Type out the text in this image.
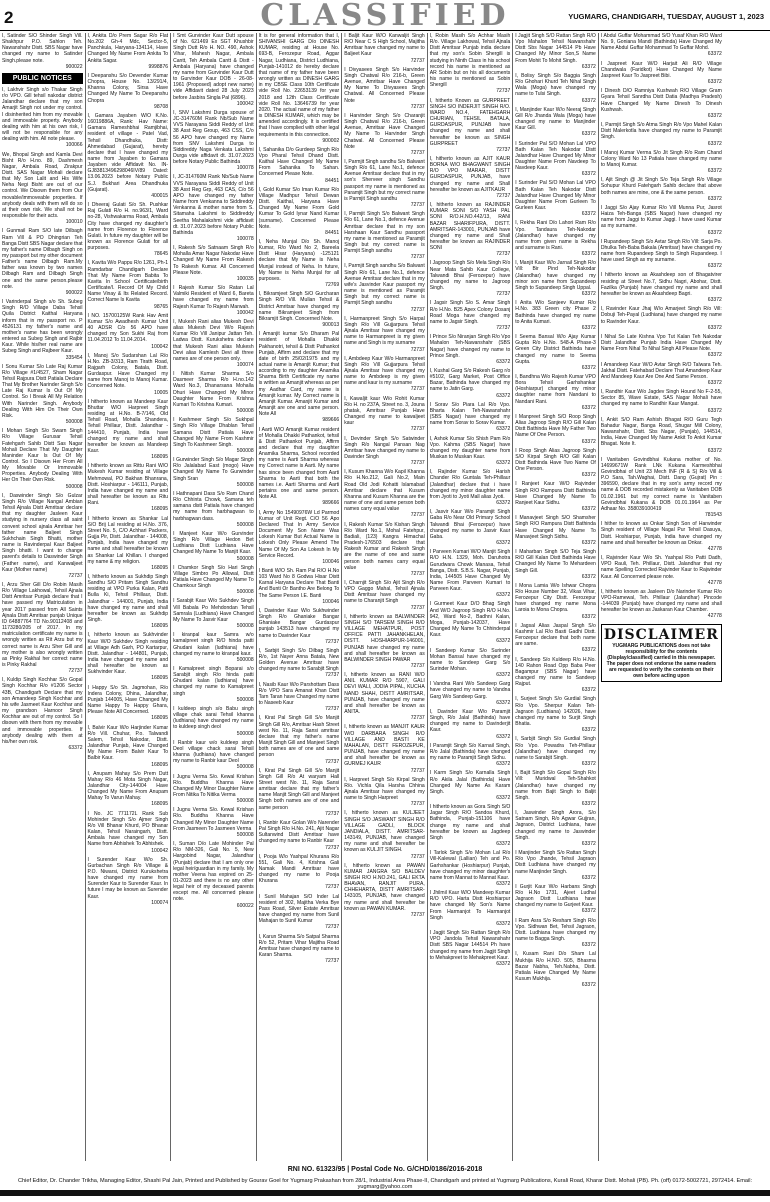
2	CLASSIFIED	YUGMARG, CHANDIGARH, TUESDAY, AUGUST 1, 2023
I, Satinder S/O Shinder Singh Vill. Shakhpur P.O. Sahlon Teh. Nawanshahr Distt. SBS Nagar have changed my name to Satinder Singh.please note.
900022
PUBLIC NOTICES
I, Lakhvir Singh s/o Thakar Singh r/o VPO. Gill tehsil nakodar district Jalandhar declare that my son Amarjit Singh not under my control. I disinherited him from my movable and immovable property. Anybody dealing with him at his own risk, I will not be responsible for any dealing with him. All note please.
100066
We, Bhopal Singh and Kamla Devi Bisht R/o H.no. 89, Dashmesh Nagar, Ambala Road, Zirakpur Distt. SAS Nagar Mohali declare that My Son Lalit and His Wife Neha Negi Bisht are out of our control. We Disown them from Our movable/immoveable properties. If anybody deals with them will do so at their own risk. We shall not be responsible for their acts.
100010
I Gunmail Ram S/O late Dilbagh Ram Vill & PO Dhingrian Teh Banga Distt SBS Nagar declare that my father's name Dilbagh Singh on my passport but my other document Father's name Dilbagh Ram.My father was known by two names Dilbagh Ram and Dilbagh Singh one and the same person.please note.
900022
I Varinderpal Singh s/o Sh. Subeg Singh R/O Village Daba Tehsil Quila District Kaithal Haryana inform that in my passport no. P 4526131 my father's name and mother's name has been wrongly entered as Subeg Singh and Rajbir Kaur. While his/her real name are Subeg Singh and Rajbeer Kaur.
335454
I Sonu Kumar S/o Late Raj Kumar R/o Village #1/4527, Sham Nagar Tehsil Rajpura Distt Patiala Declare That My Brother Narinder Singh S/o Late Raj Kumar Is Out Of My Control. So I Break All My Relation With Narinder Singh. Anybody Dealing With Him On Their Own Risk.
500008
I Mohan Singh S/o Swarn Singh R/o Village Gurusar Tehsil Fatehgarh Sahib Distt Sas Nagar Mohali Declare That My Daughter Maninder Kaur Is Out Of My Control. So I Disown Her From All My Movable Or Immovable Properties. Anybody Dealing With Her On Their Own Risk.
500008
I, Daswinder Singh S/o Gulzar Singh R/o Village Nangal Ambian Tehsil Ajnala Distt Amritsar declare that my daughter Jasleen Kaur studying in nursery class all saint convent school ajnala Amritsar her father name Baljeet Singh Sukhchain Singh Bhatti, mother name is Ravinderpal Kaur Baljeet Singh bhatti. I want to change parent's details to Daswinder Singh (Father name), and Kanwaljeet Kaur (Mother name)
72737
I, Arzu Sher Gill D/o Robin Masih R/o Village Lakhowal, Tehsil Ajnala Distt Amritsar Punjab declare that I have passed my Matriculation in year 2017 passed from All Saints Ajnala Distt Amritsar punjab Unique ID 64887764 TD No.90112408 and 1173280/205 of 2017. In my matriculation certificate my name is wrongly written as Rit Arzu but my correct name is Arzu Sher Gill and my mother is also wrongly written as Pinky Rakhal her correct name is Pinky Rakhal
72737
I, Kuldip Singh Kochhar S/o Gopal Singh Kochhar R/o #1206 Sector 43B, Chandigarh Declare that my son Amandeep Singh Kochhar and his wife Jasmeet Kaur Kochhar and my grandson Harnoor Singh Kochhar are out of my control. So I disown with them from my movable and immovable properties. If anybody dealing with them at his/her own risk.
63372
I, Ankita D/o Prem Sagar R/o Flat No.202 Gh-4 Mdc, Sector-5, Panchkula, Haryana-134114, Have Changed My Name From Ankita To Ankita Sagar.
9998876
I Deepanshu S/o Devender Kumar Chopra, House No. 13/291/4, Khanna Colony, Sirsa Have Changed My Name To Deepanshu Chopra
98708
I, Gamara Jayaben W/O K.No. 16019886A, Rank: Hav Name: Gamara Rameshbhai Ramjibhai, resident of village - Patel Vad, Tehsil Dhandhuka, Distt: Ahmedabad (Gujarat), hereby declare that I have changed my name from Jayaben to Gamara Jayaben vide Affidavit No. IN-GJ83813496298046IV/89 Dated: 13.06.2023 before Notary Public S.J. Bukhari Area Dhandhuka (Gujarat).
400015
I Dheeraj Gulati S/o Sh. Pushkar Raj Gulati R/o H. no.963/1, Ward no-28, Vishwakarma Road, Ambala City have changed my daughter's name from Florence to Florence Gulati. In future my daughter will be known as Florence Gulati for all purposes.
78645
I, Kavita W/o Pappu R/o 1261, Ph-1 Ramdarbar Chandigarh Declare That My Name From Babita To Kavita In School Certificate/birth Certificate/I. Record Of My Child Name Vinay & Its Related Record. Correct Name Is Kavita
98765
I NO. 15700125W Rank Hav Amit Kumar S/o Awadhesh Kumar Unit 40 ADSR C/o 56 APO have changed my Son Sukhi Raj from 11.04.2012 To 11.04.2014.
100042
I, Manoj S/o Sudarshan Lal R/o H.No. ZB-3/313, Ram Tirath Road, Rajgarh Colony, Batala, Distt. Gurdaspur. Have Changed my name from Manoj to Manoj Kumar. Concerned Note.
10005
I hitherto known as Mandeep Kaur Bhuttar W/O Harpreet Singh residing at H.No. B-7/146, Old Tehsil Road, Mohalla Shandera, Tehsil Phillaur, Distt. Jalandhar - 144410, Punjab, India have changed my name and shall hereafter be known as Mandeep Kaur.
168095
I hitherto known as Rittu Rani W/O Mukesh Kumar residing at Village Mehmowal, PO Bakhan Bhanrana, Distt. Hoshiarpur - 146111, Punjab, India have changed my name and shall hereafter be known as Ritu Rani.
168095
I hitherto known as Shankar Lal S/O Brij Lal residing at H.No. 376, Street No. 5, C/O Achhari Packers, Gujja Pir, Distt. Jalandhar - 144008, Punjab, India have changed my name and shall hereafter be known as Shankar Lal Khillan. I changed my name & my religion.
168095
I, hitherto known as Sukhdip Singh Sandhu S/O Pritam Singh Sandhu residing at VPO Purka Kalan, Patti Bulla Ki, Tehsil Phillaur, Distt. Jalandhar - 144001, Punjab, India have changed my name and shall hereafter be known as Sukhdip Singh.
168095
I, hitherto known as Sukhvinder Kaur W/O Sukhdev Singh residing at Village Adh Garh, PO Kartarpur, Distt. Jalandhar - 144801, Punjab, India have changed my name and shall hereafter be known as Sukhvinder Kaur.
168095
I Happy S/o Sh. Jagmohan, R/o Indera Colony, Dhina, Jalandhar, Punjab 144005, Have Changed My Name Happy To Happy Ghara, Please Note All Concerned.
168095
I, Balvir Kaur W/o Harjinder Kumar R/o Vill. Chuhar, P.o. Talwandi Salem, Tehsil Nakodar, Distt. Jalandhar Punjab, Have Changed My Name From Balvir Kaur To Balbir Kaur.
168095
I, Anupam Mahay S/o Prem Dutt Mahay R/o 46 Mota Singh Nagar, Jalandhar City-144004 Have Changed My Name From Anupam Mahay To Varun Mahay.
168095
I No. JC 771172L Rank Sub Mohinder Singh S/o Ajmer Singh R/o Vill Bhanar Khurd, PO Bhanar Kalan, Tehsil Naraingarh, Distt. Ambala have changed my Son Name from Abhishek To Abhishek.
100042
I Surender Kaur W/o Sh. Gurbachan Singh R/o Village & P.O. Niwarsi, District Kurukshetra have changed my name from Surender Kaur to Surender Kaur. In future I may be known as Surender Kaur.
100074
I Smt Gurvinder Kaur Dutt spouse of No. 621469 Ex SGT Khushbir Singh Dutt R/o H. NO. 490, Ashok Vihar, Mahesh Nagar, Ambala Cantt, Teh Ambala Cantt & Distt - Ambala (Haryana) have changed my name from Gurvinder Kaur Dutt to Gurvinder Kaur DOB - 26-08-1961 (Proposed) adopt new name) vide Affidavit dated 28 July 2023 before Jasbira Singla Pal (6896).
100042
I, SNV Lakshmi Durga spouse of JC-314760M Rank Nb/Sub Name VVS Narayana Siddi Reddy of Unit 38 Asst Reg Group, 463 CSS, C/o 56 APO have changed my Name from SNV Lakshmi Durga to Siddireddy Naga Venkata Lakshmi Durga vide affidavit dt. 31.07.2023 before Notary Public Bathinda
100078
I, JC-314760M Rank Nb/Sub Name VVS Narayana Siddi Reddy of Unit 38 Asst Reg Grp, 463 CAS, C/o 56 APO have changed my father Name from Venkanna to Siddireddy Venkanna & mother name from S. Sitamaha Lakshmi to Siddireddy Seetha Mahalakshmi vide affidavit dt. 31.07.2023 before Notary Public Bathinda
100078
I, Rakesh S/o Satnaam Singh R/o Mohalla Amar Nagar Nakodar Have Changed My Name From Rakesh To Rakesh Kumar. All Concerned Please Note.
100035
I Rajesh Kumar S/o Ratan Lal Valmiki Resident of Ward 6, Bareta have changed my name from Rajesh Kumar To Rajesh Marwah.
100042
I, Mukesh Rani alias Mukesh Devi alias Mukesh Devi W/o Rajesh Kumar R/o Vill Janipur Jattan Teh. Ladwa Distt. Kurukshetra declare that Mukesh Rani alias Mukesh Devi alias Kamlesh Devi all three names are of one person only.
100074
I Nitish Kumar Sharma S/o Dasmeer Sharma R/o H.no.142 Ward No.3, Dhanarsana Mohalla Dhuri Have Changed My Minor Daughter Name From Krishna Kumari To Krishna Kumari.
500008
I Kashmeer Singh S/o Sukhpal Singh R/o Village Dhablan Tehsil Samana Distt Patiala Have Changed My Name From Kashmir Singh To Kashmeer Singh.
500008
I Gurwinder Singh S/o Magar Singh R/o Jalalabad East (mogo) Have Changed My Name To Gurwinder Singh Sran
500008
I Hathnapani Dass S/o Ram Chand R/o Chhinta Chowk, Samana teh samana distt Patiala have changed my name from harbhagwan to harbhagwan dass.
500008
I Manjeet Kaur W/o Gurvinder Singh R/o Village Hedon Bet Ludhiana Distt Ludhiana Have Changed My Name To Manjit Kaur.
500008
I Chamkor Singh S/o Hari Singh Village Simbro Po Allowal, Distt Patiala Have Changed My Name To Chamkour Singh
500008
I Sarabjit Kaur W/o Sukhdev Singh Vill Babala Po Mehdondan Tehsil Samrala (Ludhiana) Have Changed My Name To Jasvir Kaur
500008
I kiranpal kaur Samra w/o kamalpreet singh R/O hinda patti Ghudani kalan (ludhiana) have changed my name to kiranpal kaur.
500008
I Kamalpreet singh Boparai s/o Sarabjit singh R/o hinda patti Ghudani kalan (ludhiana) have changed my name to Kamalpreet singh
500008
I kuldeep singh s/o Babu singh village chak sarai Tehsil khanna (ludhiana) have changed my name to kuldeep singh deol
500008
I Ranbir kaur w/o kuldeep singh Deol village chack sarai Tehsil khanna (ludhiana) have changed my name to Ranbir kaur Deol
500008
I Jugnu Verma S/o. Kewal Krishan R/o. Buddha Khanna Have Changed My Minor Daughter Name From Nitika To Nitika Verma
500008
I Jugnu Verma S/o. Kewal Krishan R/o. Buddha Khanna Have Changed My Minor Daughter Name From Jasmeen To Jasmeen Verma
500008
I, Suman D/o Late Mohinder Pal R/o NM-326, Gali No. 5, New Hargobind Nagar, Jalandhar (Punjab) declare that I am only one legal heir/guardian in my family. My mother Veena has expired on 25-01-2023 and there is no any other legal heir of my deceased parents except me. All concerned please note.
600022
It is for general information that I, SHIVANSHI GARG D/o DINESH KUMAR, residing at House No. 693-B, Ferozepur Road, Aggar Nagar, Ludhiana, District Ludhiana, Punjab-141012 do hereby declare that name of my father have been wrongly written as DINESH GARG in my CBSE Class 10th Certificate vide Roll No. 22653139 for year 2018 and 12th Class Certificate vide Roll No. 13646739 for year 2020. The actual name of my father is DINESH KUMAR, which may be amended accordingly. It is certified that I have complied with other legal requirements in this connection.
900002
I, Sahanika D/o Gurdeep Singh R/o Vpo Pharal Tehsil Dhand Distt. Kaithal Have Changed My Name From Sahanika To Sahan. Concerned Please Note.
84451
I, Gold Kumar S/o Iman Kumar R/o Village Madhpur Tehsil Dewan Distt. Kaithal, Haryana Have Changed My Name From Gold Kumar To Gold Iynar Nand Kumar (surname). Concerned Please Note.
84451
I, Neha Munjal D/o Sh. Manoj Kumar, R/o Ward No 2, Bareela Distt Hisar (Haryana) -125121 declare that My Name is Neha Munjal instead of Neha. In future, My Name is Neha Munjal for all purposes.
72769
I, Bikramjeet Singh S/O Gurcharan Singh R/O Vill. Mullan Tehsil & District Amritsar have changed my name Bikramjeet Singh from Bikramjit Singh. Concerned Note.
900013
I Amanjit kumar S/o Dharam Pal resident of Mohalla Dhakki Pakhanotri, tehsil & Distt Pathankot Punjab, Affirm and declare that my date of birth 25/02/1975 and my actual name is Amanjit Kumar; that according to my daughter Anamika Sharma Birth Certificate my name is written as Amanjit whereas as per my Aadhar Card, my name is Amanjit kumar. My Correct name is Amanjit Kumar. Amanjit Kumar and Amanjit are one and same person. Note All
989666
I Aarti W/O Amanjit Kumar resident of Mohalla Dhakki Pathankot, tehsil & Distt Pathankot Punjab, Affirm and declare that my daughter Anamika Sharma, School recorded my name is Aarti Sharma whereas my Correct name is Aarti. My name has since been changed from Aarti Sharma to Aarti that both the names i.e. Aarti Sharma and Aarti pertains one and same person. Note All.
989666
I, Army No 15490976W Ld Parmod Kumar of Unit Regt. C/O 56 Apo Declared That In Army Service Document My Son Name Was Lokesh Kumar But Actual Name is Lokesh Only Please Amend The Name Of My Son As Lokesh In My Service Record.
100046
I Banti W/O Sh. Ram Pal R/O H.No 103 Ward No 8 Godwa Hisar Distt Karnal Haryana Declare That Banti And Bunti Or Bantho Are Belong To The Same Person I.E. Banti
100046
I, Davinder Kaur W/o Sukhwinder Singh R/o Ghaniake Bangar Ghaniake Bangar Gurdaspur punjab 143513 have changed my name to Davinder Kaur
72737
I, Sarbjit Singh S/o Dilbag Singh R/o, 1st Nayer Anna Batala, New Golden Avenue Amritsar have changed my name to Sarabjit Singh
72737
I, Nasib Kaur W/o Parshottam Dass R/o VPO Sara Amanat Khan Distt Tarn Taran have Changed my name to Naseeb Kaur
72737
I, Kirat Pal Singh Gill S/o Manjit Singh Gill R/o, Amritsar Hash Street west No. 11, Raja Sansi amritsar declare that my father's name Manjit Singh Gill and Manjeet Singh both names are of one and same person
72737
I, Kirat Pal Singh Gill S/o Manjit Singh Gill R/o At waryam Hall Street west No. 11, Raja Sansi amritsar declare that my father's name Manjit Singh Gill and Manjeet Singh both names are of one and same person
72737
I, Ranbir Kaur Golan W/o Narender Pal Singh R/o H.No. 241, Ajit Nagar Sultanwind Distt Amritsar have changed my name to Ranbir Kaur
72737
I, Pooja W/o Yashpal Khurana R/o 551, Gali No. 4, Krishna Gali Namak Mandi Amritsar have changed my name to Pooja Khurana
72737
I Sunil Mahajan S/O Inder Lal resident of 302, Majitha Verka Bye Pass Road, Silver Estate Amritsar have changed my name from Sunil Mahajan to Sunil Kumar
72737
I, Karun Sharma S/o Satpal Sharma R/o 52, Pritam Vihar Majitha Road Amritsar have changed my name to Karan Sharma.
72737
I Baljit Kaur W/O Kanwaljit Singh R/O Near C S High School, Majitha Amritsar have changed my name to Baljeet Kaur
72737
I Divyasees Singh S/o Harvinder Singh Chatwal R/o 216-b, Green Avenue, Amritsar Have Changed My Name To Divyasees Singh Chatwal. All Concerned Please Note
72737
I Harvinder Singh S/o Charanjit Singh Chatwal R/o 216-b, Green Avenue, Amritsar Have Changed My Name To Harvinder Singh Chatwal. All Concerned Please Note
72737
I, Parmjit Singh sandhu S/o Balwant Singh R/o 61, Lane No.1, defence Avenue Amritsar declare that in my son's Sherveer singh Sandhu passport my name is mentioned as Paramjit Singh but my correct name is Parmjit Singh sandhu
72737
I, Parmjit Singh S/o Balwant Singh R/o 61, Lane No.1, defence Avenue Amritsar declare that in my son Harshaan Kaur Sandhu passport my name is mentioned as Paramjit Singh but my correct name is Parmjit Singh sandhu
72737
I, Parmjit Singh sandhu S/o Balwant Singh R/o 61, Lane No.1, defence Avenue Amritsar declare that in my wife's Jasvinder Kaur passport my name is mentioned as Paramjit Singh but my correct name is Parmjit Singh sandhu
72737
I, Harmanpreet Singh S/o Harpal Singh R/o Vill Gujjarpura Tehsil Ajnala Amritsar have changed my name to Harmanpreet is my given name and Singh is my surname
72737
I, Ambdeep Kaur W/o Harmanpreet Singh R/o Vill Gujjarpura Tehsil Ajnala Amritsar have changed my name to Ambdeep is my given name and kaur is my surname
72737
I, Kawaljit kaur W/o Rohit Kumar R/o H. no 237A, Street no. 3, Jouna phatak, Amritsar Punjab Have Changed my name to kawaljeet kaur
72737
I, Devinder Singh S/o Satwinder Singh R/o Nangal Pansan Nag Amritsar have changed my name to Davinder Singh
72737
I, Kusum Khanna W/o Kapil Khanna R/o H.No.212, Gali No.2, Main Road Old Jodi Kohatti Islamabad Amritsar declare that Kusum Khanna and Kusum Khanna are the name of one and same person both names carry equal value
72737
I, Rakesh Kumar S/o Kishan Singh R/o Ward No.1, Mohal Fatehpur, Badiali, (123) Kangra Himachal Pradesh-176503 declare that Rakesh Kumar and Rakesh Singh are the name of one and same person both names carry equal value
72737
I, Charnjit Singh S/o Ajit Singh R/o VPO Gaggo Mahal, Tehsil Ajnala Distt Amritsar have changed my name to Charanjit Singh
72737
I, hitherto known as BALWINDER SINGH S/O TARSEM SINGH R/O VILLAGE MEHATPUR, POST OFFICE PATTI JAHANKHELAN, DISTT. HOSHIARPUR-146001, PUNJAB have changed my name and shall hereafter be known as BALWINDER SINGH PAWAR
72737
I, hitherto known as RANI W/O ANIL KUMAR R/O 5907, GALI DEVI WALI, JODIA PIPAL, KUCHA NAND SHAH, DISTT AMRITSAR, PUNJAB, have changed my name and shall hereafter be known as ANITA.
72737
I, hitherto known as MANJIT KAUR W/O DARBARA SINGH R/O VILLAGE AND BASTI KE MAHALAN, DISTT FEROZEPUR, PUNJAB, have changed my name and shall hereafter be known as GURMEJ KAUR
72737
I, Harpreet Singh S/o Kirpal Singh R/o. Vichla Qila Harsha Chhina Ajnala Amritsar have changed my name to Singh Harpreet
72737
I, hitherto known as KULJEET SINGH S/O JASWANT SINGH R/O VILLAGE GADLI, BLOCK JANDIALA, DISTT. AMRITSAR-143149, PUNJAB, have changed my name and shall hereafter be known as KULJIT SINGH.
72737
I, hitherto known as PAWAN KUMAR JANGRA S/O BALDEV SINGH R/O H.NO.241, GALI EKTA BHAVAN, RANJIT PURA, CHHEHARTA, DISTT AMRITSAR-143105, PUNJAB, have changed my name and shall hereafter be known as PAWAN KUMAR.
72737
I, Robin Masih S/o Achhar Masih R/o. Village Lakhowal, Tehsil Ajnala Distt Amritsar Punjab india declare that my son's Sobin Shergill is studying in Ninth Class in his school record his name is mentioned as AR Sobin but on his all documents his name is mentioned as Sobin Shergill
72737
I, hitherto Known as GURPREET SINGH S/O INDERJIT SINGH R/O. WARD NO.4, FATEHGARH CHURIAN, TEHSIL BATALA, GURDASPUR, PUNJAB have changed my name and shall hereafter be known as SINGH GURPREET
72737
I, hitherto known as AJIT KAUR BORNA W/O BHAGWANT SINGH R/O VPO MARAR, DISTT GURDASPUR, PUNJAB, have changed my name and Shall hereafter be known as AJITKAUR
72737
I, hitherto known as RAJINDER KUMAR SONI S/O YASH PAL SONI R/O.H.NO.442/13, RANI BAZAR SHARIFPURA, DISTT. AMRITSAR-143001, PUNJAB have changed my name and Shall hereafter be known as RAJINDER SONI
72737
I Jagroop Singh S/o Mela Singh R/o Near Mata Sahib Kaur College, Talwandi Bhai (Ferozepur) have changed my name to Jagroop Singh.
72737
I Jagsir Singh S/o S. Amar Singh R/o H.No. B25 Apex Colony Dosanj Road Moga have changed my name to Jagsir Singh.
72737
I Prince S/o Niranjan Singh R/o Vpo Mahalon Teh-Nawanshahr (SBS Nagar) have changed my name to Prince Singh.
63372
I, Kushal Garg S/o Rakesh Garg r/o #5102, Garg Market, Post Office Bazar, Bathinda have changed my name to Jatin Garg.
63372
I Sorav S/o Piara Lal R/o Vpo. Bharta Kalan Teh-Nawanshahr (SBS Nagar) have changed my name from Sorav to Sorav Kumar.
63372
I, Ashok Kumar S/o Shish Pam R/o Vpo. Kahma (SBS Nagar) have changed my daughter name from Muskan to Muskan Kaur.
63372
I, Rajinder Kumar S/o Harish Chander R/o Guntala Teh-Phillaur (Jalandhar) declare that i have changed my minor daughter name from Jyoti to Jyoti Mall alias Jyoti.
63372
I, Jasvir Kaur W/o Paramjit Singh Gaba R/o Near Old Primary School Talwandi Bhai (Ferozepur) have changed my name to Jasvir Kaur Gaba.
63372
I Parveen Kumari W/O Manjit Singh R/O H.N. 1329, Moh. Daruhotra Gurudwara Chowk Manasa, Tehsil Banga, Distt. S.B.S. Nagar, Punjab, India, 144505 Have Changed My Name From Parveen Kumari to Parveen Kaur.
63372
I Gurmeet Kaur D/O Bhag Singh And W/O Jagroop Singh R/O H.No. 942, Ward No-2, Badhni Kalan, Moga, Punjab-142037, Have Changed My Name To Chhinderpal Kaur.
63372
I Sandeep Kumar S/o Surinder Mohan Bansal have changed my name to Sandeep Garg S/o Surinder Mohan.
63372
I Vandna Rani W/o Sandeep Garg have changed my name to Vandna Garg W/o Sandeep Garg.
63372
I, Davinder Kaur W/o Paramjit Singh, R/o Jalal (Bathinda) have changed my name to Davinderjit Kaur.
63372
I Paramjit Singh S/o Karnail Singh, R/o Jalal (Bathinda) have changed my name to Paramjit Singh Sidhu.
63372
I Karm Singh S/o Karnalla Singh R/o Akila Jalal (Bathinda) Have Changed My Name As Karam Singh.
63372
I hitherto known as Gora Singh S/O Jagar Singh R/O Sandoa Khurd, Bathinda, Punjab-151106 have change my name and shall hereafter be known as Jagdeep Singh
63372
I Tarlok Singh S/o Mohan Lal R/o Vill-Kalewal (Lallian) Teh and Po. Garhshankar (Hoshiarpur) Punjab, have changed my minor daughter's name from Mannat to Mannat Kaur.
63372
I Jhilmil Kaur W/O Mandeep Kumar R/O VPO. Harta Distt Hoshiarpur have changed My Son's Name From Harmanjot To Harmanjot Singh
63372
I Jagjit Singh S/o Rattan Singh R/o VPO Jandola Tehsil Nawanshahr Distt SBS Nagar 144514 Ph have changed my name from Jagjit Singh to Mehakpreet to Mehakpreet Kaur.
63372
I Jagjit Singh S/O Rattan Singh R/O Vpo Mahalon Tehsil Nawanshahr Distt Sbs Nagar 144514 Pb Have Changed My Minor Son,S Name From Mohit To Mohit Singh.
63372
I, Bolisy Singh S/o Baggia Singh R/o Ghohari Khurd Teh Nihal Singh Wala (Moga) have changed my name to Tulsi Singh.
63372
I, Manjinder Kaur W/o Neeraj Singh Gill R/o Jhanda Wala (Moga) have changed my name to Manjinder Kaur Gill.
63372
I Surinder Pal S/O Mohan Lal VPO Bath Kalan Teh Nakodar Distt Jalandhar Have Changed My Minor Daughter Name From Navdeep To Navdeep Kaur.
63372
I Surinder Pal S/O Mohan Lal VPO Bath Kalan Teh Nakodar Distt Jalandhar Have Changed My Minor Daughter Name From Gurleen To Gurleen Kaur.
63372
I, Rekha Rani D/o Lahori Ram R/o Vpo. Tandaura Teh-Nakodar (Jalandhar) have changed my name from given name is Rekha and surname is Rani.
63372
I, Manjit Kaur W/o Jarnail Singh R/o Vill: Bir Pind Teh-Nakodar (Jalandhar) have changed my minor son name from Supandeep Singh to Supandeep Singh Uppal.
63372
I Anita W/o Sanjeev Kumar R/o H.No. 383 Green city Phase 2 Bathinda have changed my name to Anita Kumari.
63372
I Seema Bansal W/o Ajay Kumar Gupta R/o H.No. 548-A Phase-3 Green City District Bathinda have changed my name to Seema Gupta.
63372
I, Bandhna W/o Rajesh Kumar VPO Bora Tehsil Garhshankar (Hoshiarpur) changed my minor daughter name from Nandani to Nandani Rani.
63372
I Manpreet Singh S/O Roop Singh Alias Jagroop Singh R/O Gill Kalan Distt Bathinda Have My Father Two Name Of One Person.
63372
I Roop Singh Alias Jagroop Singh S/O Kirpal Singh R/O Gill Kalan Distt Bathinda Have Two Name Of One Person.
63372
I Ranjeet Kaur W/O Rajvinder Singh R/O Rampura Distt Bathinda Have Changed My Name To Ranjeet Kaur Sidhu.
63372
I Manavjeet Singh S/O Shamsher Singh R/O Rampura Distt Bathinda Have Changed My Name To Manavjeet Singh Sidhu.
63372
I Maharban Singh S/O Teja Singh R/O Gill Kalan Distt Bathinda Have Changed My Name To Mehardeen Singh Gill.
63372
I Mona Lamia W/o Ishwar Chopra R/o House Number 32, Vikas Vihar, Ferozepur City Distt. Ferozepur have changed my name Mona Laroia to Mona Chopra.
63372
I Jagsal Alias Jaspal Singh S/o Kashmir Lal R/o Basti Gadhi Distt. Ferozepur declare that both name are same.
63372
I, Sandeep S/o Kuldeep R/o H.No. 140 Rahon Road Opp Baba Peer Bagampur (SBS Nagar) have changed my name to Sandeep Rajput.
63372
I, Surjeet Singh S/o Gurdial Singh R/o Vpo. Sherpur Kalan Teh-Jagraon (Ludhiana) 142026, have changed my name to Surjit Singh Bhatia.
63372
I, Sarbjit Singh S/o Gurdial Singh R/o Vpo. Powadra Teh-Phillaur (Jalandhar) have changed my name to Sarabjit Singh.
63372
I, Bajit Singh S/o Gopal Singh R/o Vill: Muridwal Teh-Shahkot (Jalandhar) have changed my name from Bajit Singh to Baljit Singh.
63372
I, Jaswinder Singh Arora, S/o Satnam Singh, R/o Agwar Gujjran, Jagraon, District Ludhiana, have changed my name to Jaswinder Singh.
63372
I Manjinder Singh S/o Rattan Singh R/o Vpo Jhande, Tehsil Jagraon Distt Ludhiana have changed my name Manjinder Singh.
63372
I Gurjit Kaur W/o Harbans Singh R/o H.No 1731, Ajeet Ludhal Jagraon Distt Ludhiana have changed my name to Gurjeet Kaur.
63372
I Ram Asra S/o Resham Singh R/o Vpo. Sidhwan Bet, Tehsil Jagraon, Distt. Ludhiana have changed my name to Bagga Singh.
63372
I, Kusam Rani D/o Sham Lal Mukhija R/o H.NO. 505, Bhasma Bazar Nabha, Teh.Nabha, Distt. Patiala Have Changed My Name Kusum Mukhija.
63372
I Abdul Guffar Mohammad S/O Yusaf Khan R/O Ward No. 9, Goniana Mandi (Bathinda) Have Changed My Name Abdul Guffar Mohammad To Guffar Mohd.
63372
I Jaspreet Kaur W/O Harjait Ali R/O Village Chandwala (Faridkot) Have Changed My Name Jaspreet Kaur To Jaspreet Bibi.
63372
I Dinesh D/O Ramniya Kushwah R/O Village Gram Gyara Tehsil Sanrdha Distt Datia (Madhya Pradesh) Have Changed My Name Dinesh To Dinesh Kushwah.
63372
I, Parmjit Singh S/o Atma Singh R/o Vpo Mahel Kalan Distt Malerkotla have changed my name to Paramjit Singh.
63372
I Manoj Kumar Verma S/o Jit Singh R/o Ram Chand Colony Ward No 13 Patiala have changed my name to Manoj Kumar.
63372
I, Ajit Singh @ Jit Singh S/o Teja Singh R/o Village Sohupur Khurd Fatehgarh Sahib declare that above both names are mine, one & the same person.
63372
I Jaggi S/o Ajay Kumar R/o Vill Munna Pur, Jasrot Haiza Teh-Banga (SBS Nagar) have changed my name from Jaggi to Kumar Jaggi. I have used Kumar as my surname.
63372
I Rupandeep Singh S/o Avtar Singh R/o Vill: Sarja Po. Dhulka Teh-Baba Bakala (Amritsar) have changed my name from Rupandeep Singh to Singh Rupandeep. I have used Singh as my surname.
63372
I hitherto known as Akashdeep son of Bhagatvirer residing at Street No.7, Sidhu Nagri, Abohar, Distt. Fazilka (Punjab) have changed my name and shall hereafter be known as Akashdeep Bagri.
63372
I, Ravinder Kaur Jhaj W/o Amarjeet Singh R/o Vill: Dobuji Teh-Payal (Ludhiana) have changed my name to Ravinder Kaur.
63372
I Nihal So Late Kishna Vpo Tut Kalan Teh Nakodar Distt Jalandhar Punjab India Have Changed My Name From Nihal To Nihal Singh All Please Note.
63372
I Amandeep Kaur W/O Avtar Singh R/O Talwara Teh. Jakhal Distt. Fatehabad Declare That Amandeep Kaur And Mandeep Kaur Are One And Same Person.
63372
I, Randhir Kaur W/o Jagdev Singh Hound No F-2-55, Sector 85, Wave Estate, SAS Nagar Mohali have changed my name to Randhir Kaur Mangat.
63372
I, Ankit S/O Ram Ashish Bhagat R/O Guru Tegh Bahadur Nagar, Banga Road, Shugar Mill Colony, Nawanshahr, Distt. Sbs Nagar, (Punjab), 144514, India, Have Changed My Name Ankit To Ankit Kumar Bhagat. Note It.
63372
I Vanitaben Govindbhai Kukana mother of No. 14699671W Rank LNk Kukana Karmeshbhai Govindbhai of Unit 23 Mech INF (R & S) R/o Vill & P.O Sara, Tah.Waghai, Distt. Dang (Gujrat) Pin : 396590, declare that in my son's army record my name & DOB recorded mistakenly as Vanitaben DOB 01.02.1961 but my correct name is Vanitaben Govindbhai Kukana & DOB 01.01.1964 as Per Adhaar No. 358039100419
781543
I hither to known as Onkar Singh Son of Harwinder Singh resident of Village Nagal Pur Tehsil Dasuya, Distt. Hoshiarpur, Punjab, India have changed my name and shall hereafter be known as Onkar.
42778
I, Rajvinder Kaur W/o Sh. Yashpal R/o Patti Dadh, VPO Rauli, Teh. Phillaur, Distt. Jalandhar that my name Spelling Corrected Rajvinder Kaur to Rajwinder Kaur. All Concerned please note.
42778
I, hitherto known as Jasleen D/o Narinder Kumar R/o VPO-Ramewal, Teh. Phillaur (Jalandhar) Pincode -144039 (Punjab) have changed my name and shall hereafter be known as Jaskaran Kaur Chamber.
42778
DISCLAIMER
YUGMARG PUBLICATIONS does not take responsibility for the contents (Display/classified) carried in this newspaper. The paper does not endorse the same readers are requested to verify the contents on their own before acting upon
RNI NO. 61323/95 | Postal Code No. G/CHD/0186/2016-2018
Chief Editor, Dr. Chander Trikha, Managing Editor, Shashi Pal Jain, Printed and Published by Gourav Goel for Yugmarg Prakashan from 28/1, Industrial Area Phase-II, Chandigarh and printed at Yugmarg Publications, Kurali Road, Kharar Distt. Mohali (PB). Ph. (off) 0172-5002721, 2972414. Email: yugmarg@yahoo.com
